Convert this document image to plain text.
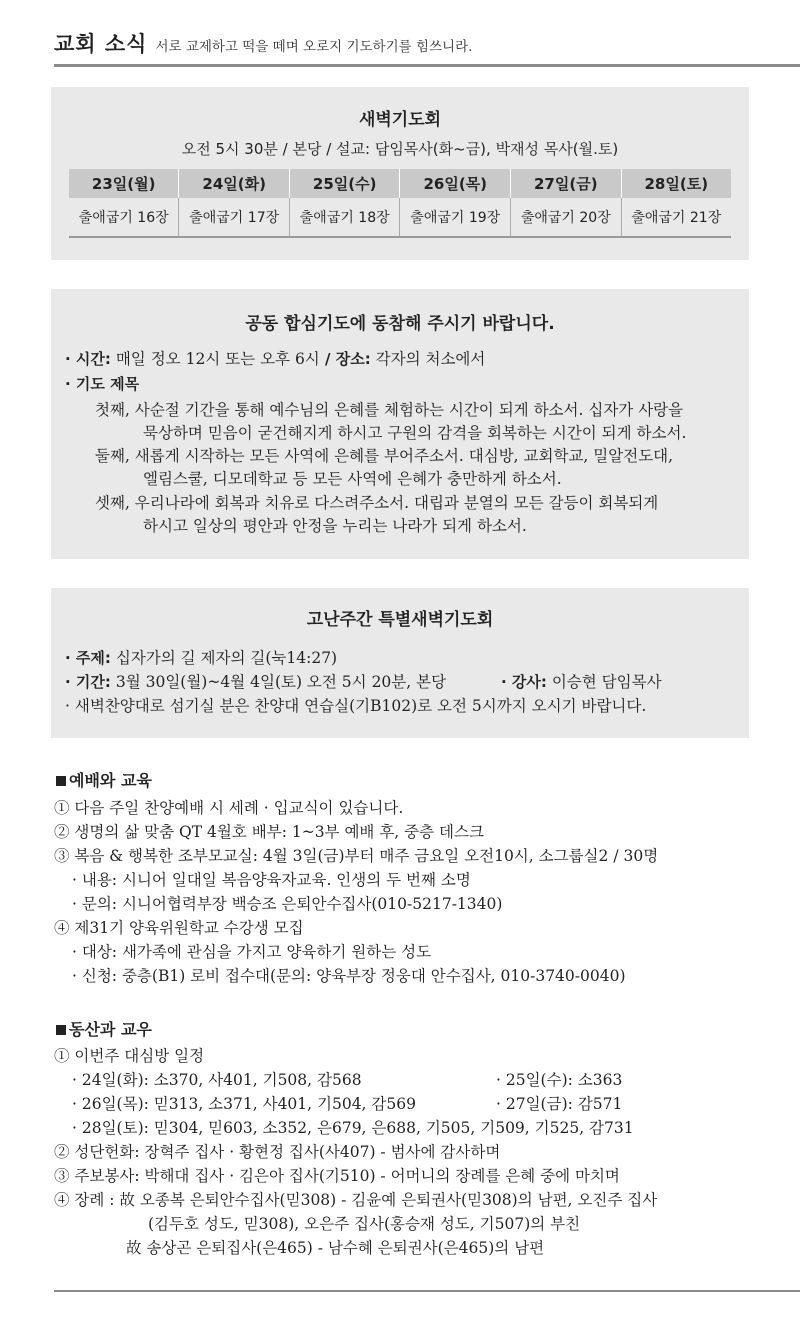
교회 소식 서로 교제하고 떡을 떼며 오로지 기도하기를 힘쓰니라.
새벽기도회
오전 5시 30분 / 본당 / 설교: 담임목사(화~금), 박재성 목사(월.토)
23일(월)	24일(화)	25일(수)	26일(목)	27일(금)	28일(토)
출애굽기 16장	출애굽기 17장	출애굽기 18장	출애굽기 19장	출애굽기 20장	출애굽기 21장
공동 합심기도에 동참해 주시기 바랍니다.
· 시간: 매일 정오 12시 또는 오후 6시 / 장소: 각자의 처소에서
· 기도 제목
첫째, 사순절 기간을 통해 예수님의 은혜를 체험하는 시간이 되게 하소서. 십자가 사랑을
묵상하며 믿음이 굳건해지게 하시고 구원의 감격을 회복하는 시간이 되게 하소서.
둘째, 새롭게 시작하는 모든 사역에 은혜를 부어주소서. 대심방, 교회학교, 밀알전도대,
엘림스쿨, 디모데학교 등 모든 사역에 은혜가 충만하게 하소서.
셋째, 우리나라에 회복과 치유로 다스려주소서. 대립과 분열의 모든 갈등이 회복되게
하시고 일상의 평안과 안정을 누리는 나라가 되게 하소서.
고난주간 특별새벽기도회
· 주제: 십자가의 길 제자의 길(눅14:27)
· 기간: 3월 30일(월)~4월 4일(토) 오전 5시 20분, 본당	· 강사: 이승현 담임목사
· 새벽찬양대로 섬기실 분은 찬양대 연습실(기B102)로 오전 5시까지 오시기 바랍니다.
예배와 교육
① 다음 주일 찬양예배 시 세례 · 입교식이 있습니다.
② 생명의 삶 맞춤 QT 4월호 배부: 1~3부 예배 후, 중층 데스크
③ 복음 & 행복한 조부모교실: 4월 3일(금)부터 매주 금요일 오전10시, 소그룹실2 / 30명
· 내용: 시니어 일대일 복음양육자교육. 인생의 두 번째 소명
· 문의: 시니어협력부장 백승조 은퇴안수집사(010-5217-1340)
④ 제31기 양육위원학교 수강생 모집
· 대상: 새가족에 관심을 가지고 양육하기 원하는 성도
· 신청: 중층(B1) 로비 접수대(문의: 양육부장 정웅대 안수집사, 010-3740-0040)
동산과 교우
① 이번주 대심방 일정
· 24일(화): 소370, 사401, 기508, 감568	· 25일(수): 소363
· 26일(목): 믿313, 소371, 사401, 기504, 감569	· 27일(금): 감571
· 28일(토): 믿304, 믿603, 소352, 은679, 은688, 기505, 기509, 기525, 감731
② 성단헌화: 장혁주 집사 · 황현정 집사(사407) - 범사에 감사하며
③ 주보봉사: 박해대 집사 · 김은아 집사(기510) - 어머니의 장례를 은혜 중에 마치며
④ 장례 : 故 오종복 은퇴안수집사(믿308) - 김윤예 은퇴권사(믿308)의 남편, 오진주 집사
(김두호 성도, 믿308), 오은주 집사(홍승재 성도, 기507)의 부친
故 송상곤 은퇴집사(은465) - 남수혜 은퇴권사(은465)의 남편
